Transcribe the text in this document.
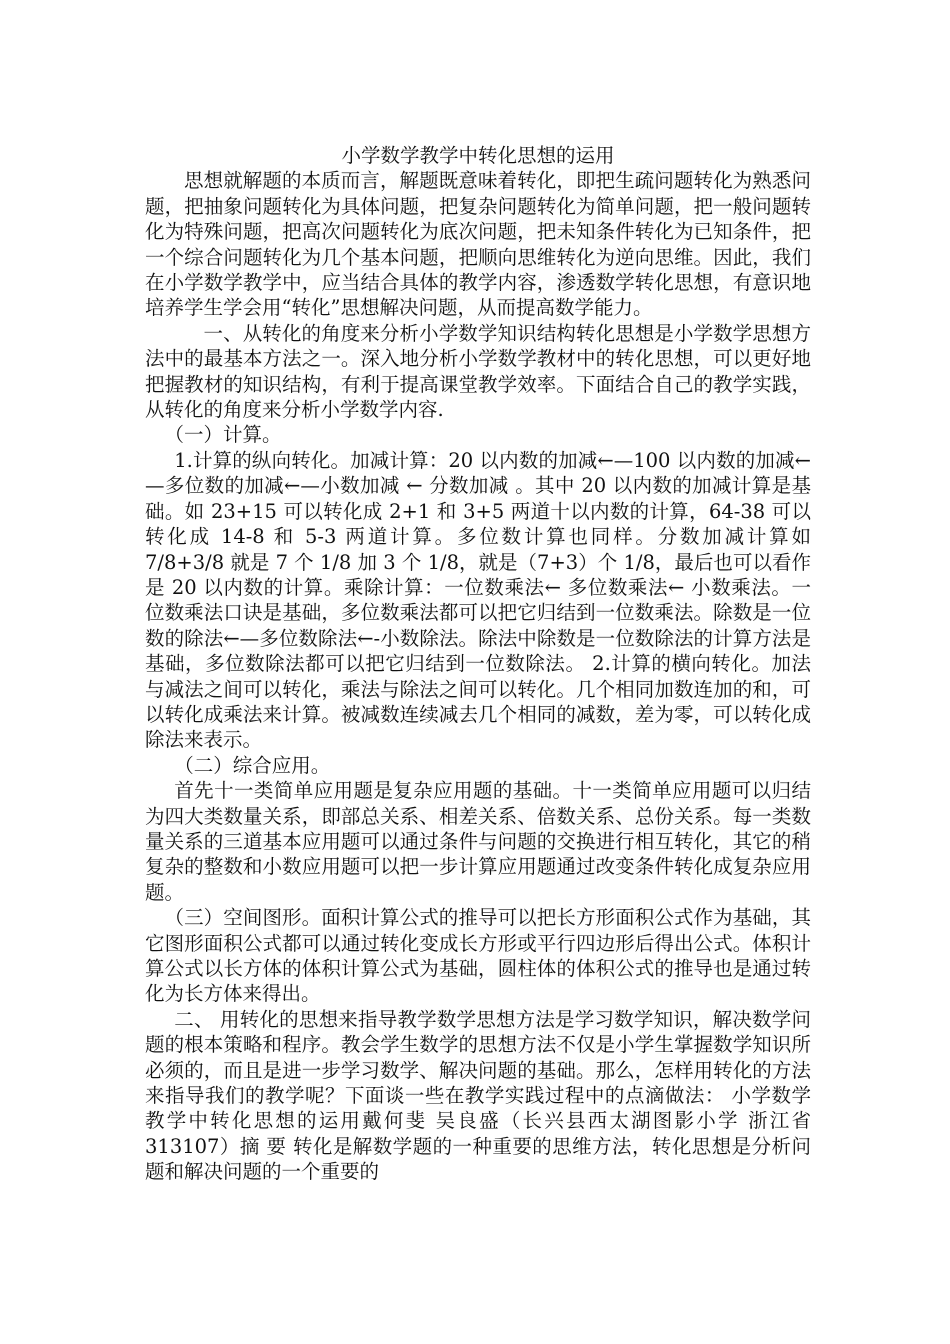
小学数学教学中转化思想的运用

思想就解题的本质而言，解题既意味着转化，即把生疏问题转化为熟悉问题，把抽象问题转化为具体问题，把复杂问题转化为简单问题，把一般问题转化为特殊问题，把高次问题转化为底次问题，把未知条件转化为已知条件，把一个综合问题转化为几个基本问题，把顺向思维转化为逆向思维。因此，我们在小学数学教学中，应当结合具体的教学内容，渗透数学转化思想，有意识地培养学生学会用“转化”思想解决问题，从而提高数学能力。

一、从转化的角度来分析小学数学知识结构转化思想是小学数学思想方法中的最基本方法之一。深入地分析小学数学教材中的转化思想，可以更好地把握教材的知识结构，有利于提高课堂教学效率。下面结合自己的教学实践，从转化的角度来分析小学数学内容.

（一）计算。

1.计算的纵向转化。加减计算：20 以内数的加减←—100 以内数的加减←—多位数的加减←—小数加减 ← 分数加减 。其中 20 以内数的加减计算是基础。如 23+15 可以转化成 2+1 和 3+5 两道十以内数的计算，64-38 可以转化成 14-8 和 5-3 两道计算。多位数计算也同样。分数加减计算如 7/8+3/8 就是 7 个 1/8 加 3 个 1/8，就是（7+3）个 1/8，最后也可以看作是 20 以内数的计算。乘除计算：一位数乘法← 多位数乘法← 小数乘法。一位数乘法口诀是基础，多位数乘法都可以把它归结到一位数乘法。除数是一位数的除法←—多位数除法←-小数除法。除法中除数是一位数除法的计算方法是基础，多位数除法都可以把它归结到一位数除法。 2.计算的横向转化。加法与减法之间可以转化，乘法与除法之间可以转化。几个相同加数连加的和，可以转化成乘法来计算。被减数连续减去几个相同的减数，差为零，可以转化成除法来表示。

（二）综合应用。

首先十一类简单应用题是复杂应用题的基础。十一类简单应用题可以归结为四大类数量关系，即部总关系、相差关系、倍数关系、总份关系。每一类数量关系的三道基本应用题可以通过条件与问题的交换进行相互转化，其它的稍复杂的整数和小数应用题可以把一步计算应用题通过改变条件转化成复杂应用题。

（三）空间图形。面积计算公式的推导可以把长方形面积公式作为基础，其它图形面积公式都可以通过转化变成长方形或平行四边形后得出公式。体积计算公式以长方体的体积计算公式为基础，圆柱体的体积公式的推导也是通过转化为长方体来得出。

二、 用转化的思想来指导教学数学思想方法是学习数学知识，解决数学问题的根本策略和程序。教会学生数学的思想方法不仅是小学生掌握数学知识所必须的，而且是进一步学习数学、解决问题的基础。那么，怎样用转化的方法来指导我们的教学呢？下面谈一些在教学实践过程中的点滴做法： 小学数学教学中转化思想的运用戴何斐 吴良盛（长兴县西太湖图影小学 浙江省 313107）摘 要 转化是解数学题的一种重要的思维方法，转化思想是分析问题和解决问题的一个重要的
